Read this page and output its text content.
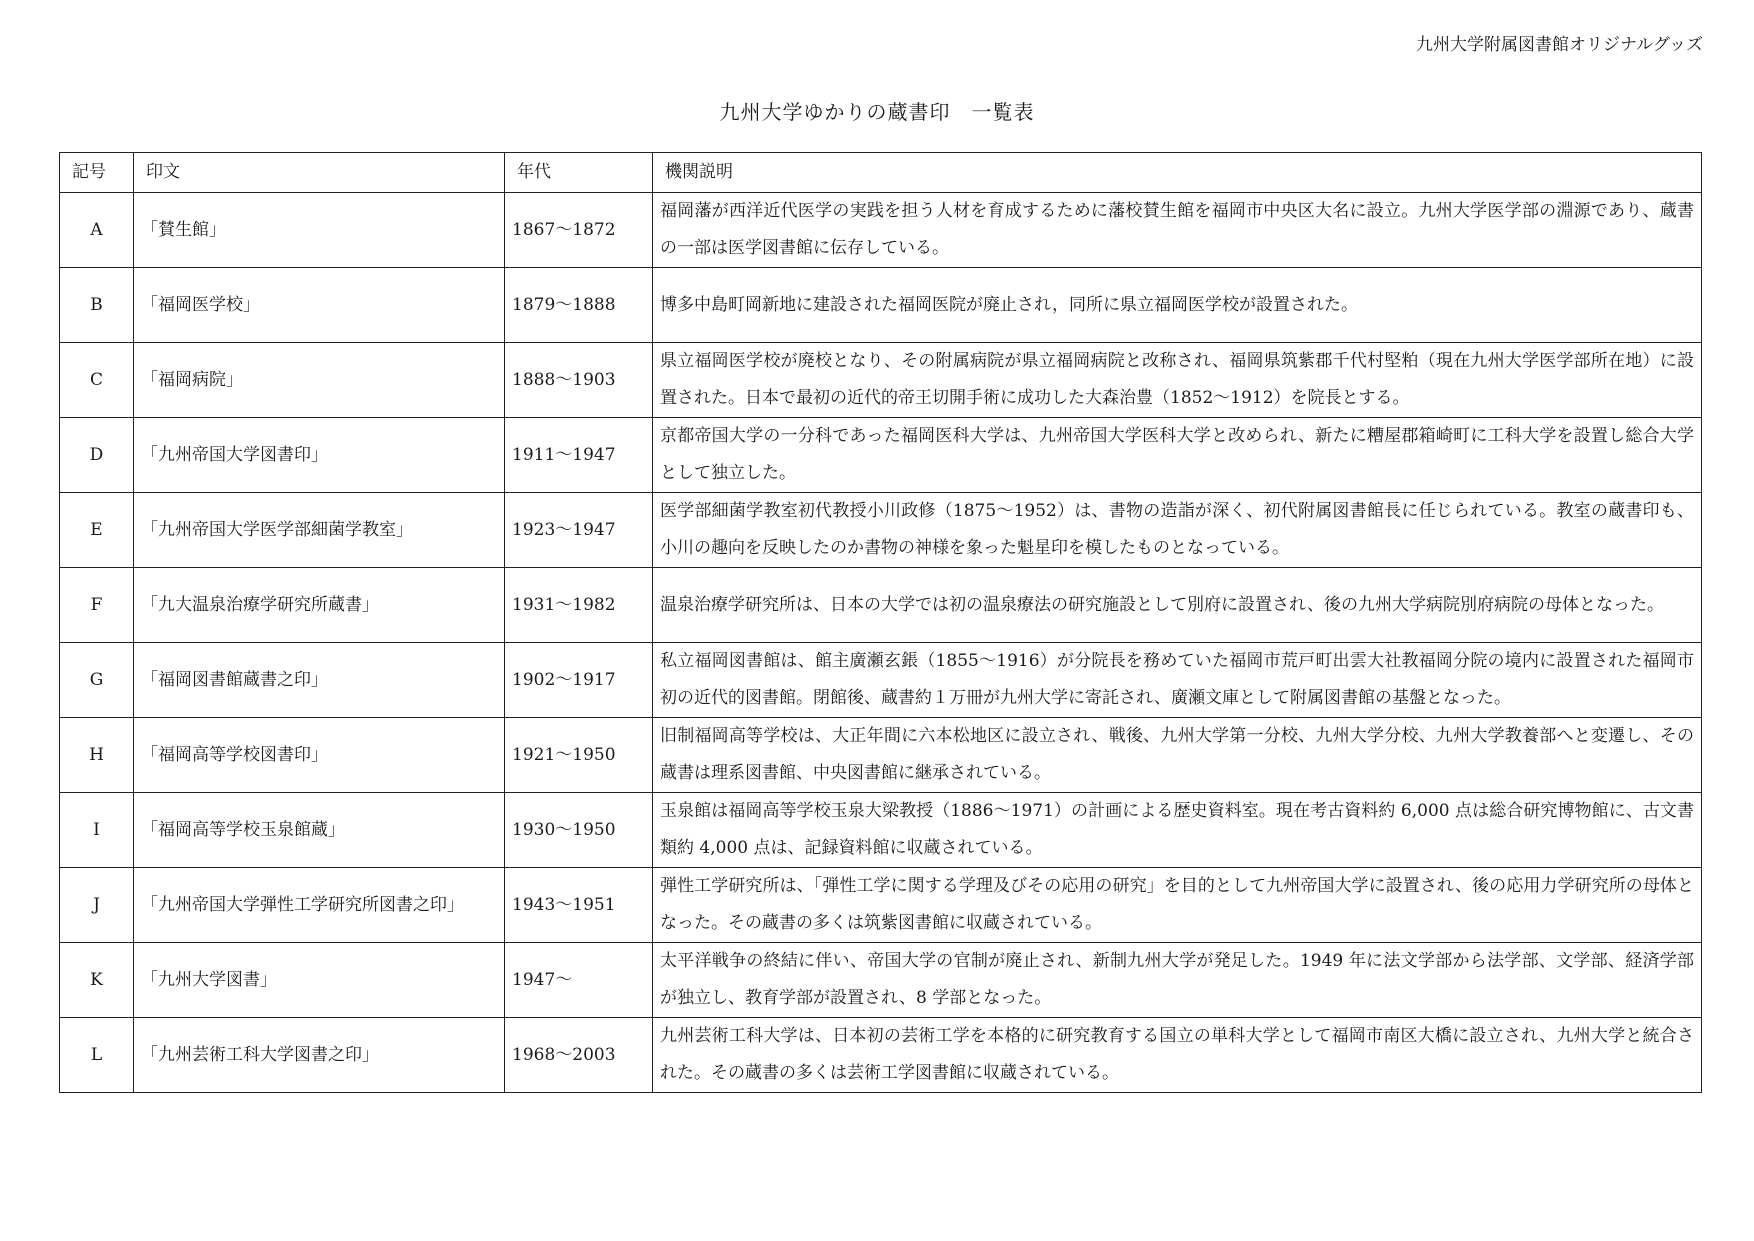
九州大学附属図書館オリジナルグッズ
九州大学ゆかりの蔵書印　一覧表
記号	印文	年代	機関説明
A	「賛生館」	1867～1872	福岡藩が西洋近代医学の実践を担う人材を育成するために藩校賛生館を福岡市中央区大名に設立。九州大学医学部の淵源であり、蔵書の一部は医学図書館に伝存している。
B	「福岡医学校」	1879～1888	博多中島町岡新地に建設された福岡医院が廃止され，同所に県立福岡医学校が設置された。
C	「福岡病院」	1888～1903	県立福岡医学校が廃校となり、その附属病院が県立福岡病院と改称され、福岡県筑紫郡千代村堅粕（現在九州大学医学部所在地）に設置された。日本で最初の近代的帝王切開手術に成功した大森治豊（1852～1912）を院長とする。
D	「九州帝国大学図書印」	1911～1947	京都帝国大学の一分科であった福岡医科大学は、九州帝国大学医科大学と改められ、新たに糟屋郡箱崎町に工科大学を設置し総合大学として独立した。
E	「九州帝国大学医学部細菌学教室」	1923～1947	医学部細菌学教室初代教授小川政修（1875～1952）は、書物の造詣が深く、初代附属図書館長に任じられている。教室の蔵書印も、小川の趣向を反映したのか書物の神様を象った魁星印を模したものとなっている。
F	「九大温泉治療学研究所蔵書」	1931～1982	温泉治療学研究所は、日本の大学では初の温泉療法の研究施設として別府に設置され、後の九州大学病院別府病院の母体となった。
G	「福岡図書館蔵書之印」	1902～1917	私立福岡図書館は、館主廣瀬玄鋹（1855～1916）が分院長を務めていた福岡市荒戸町出雲大社教福岡分院の境内に設置された福岡市初の近代的図書館。閉館後、蔵書約１万冊が九州大学に寄託され、廣瀬文庫として附属図書館の基盤となった。
H	「福岡高等学校図書印」	1921～1950	旧制福岡高等学校は、大正年間に六本松地区に設立され、戦後、九州大学第一分校、九州大学分校、九州大学教養部へと変遷し、その蔵書は理系図書館、中央図書館に継承されている。
I	「福岡高等学校玉泉館蔵」	1930～1950	玉泉館は福岡高等学校玉泉大梁教授（1886～1971）の計画による歴史資料室。現在考古資料約 6,000 点は総合研究博物館に、古文書類約 4,000 点は、記録資料館に収蔵されている。
J	「九州帝国大学弾性工学研究所図書之印」	1943～1951	弾性工学研究所は、「弾性工学に関する学理及びその応用の研究」を目的として九州帝国大学に設置され、後の応用力学研究所の母体となった。その蔵書の多くは筑紫図書館に収蔵されている。
K	「九州大学図書」	1947～	太平洋戦争の終結に伴い、帝国大学の官制が廃止され、新制九州大学が発足した。1949 年に法文学部から法学部、文学部、経済学部が独立し、教育学部が設置され、8 学部となった。
L	「九州芸術工科大学図書之印」	1968～2003	九州芸術工科大学は、日本初の芸術工学を本格的に研究教育する国立の単科大学として福岡市南区大橋に設立され、九州大学と統合された。その蔵書の多くは芸術工学図書館に収蔵されている。
